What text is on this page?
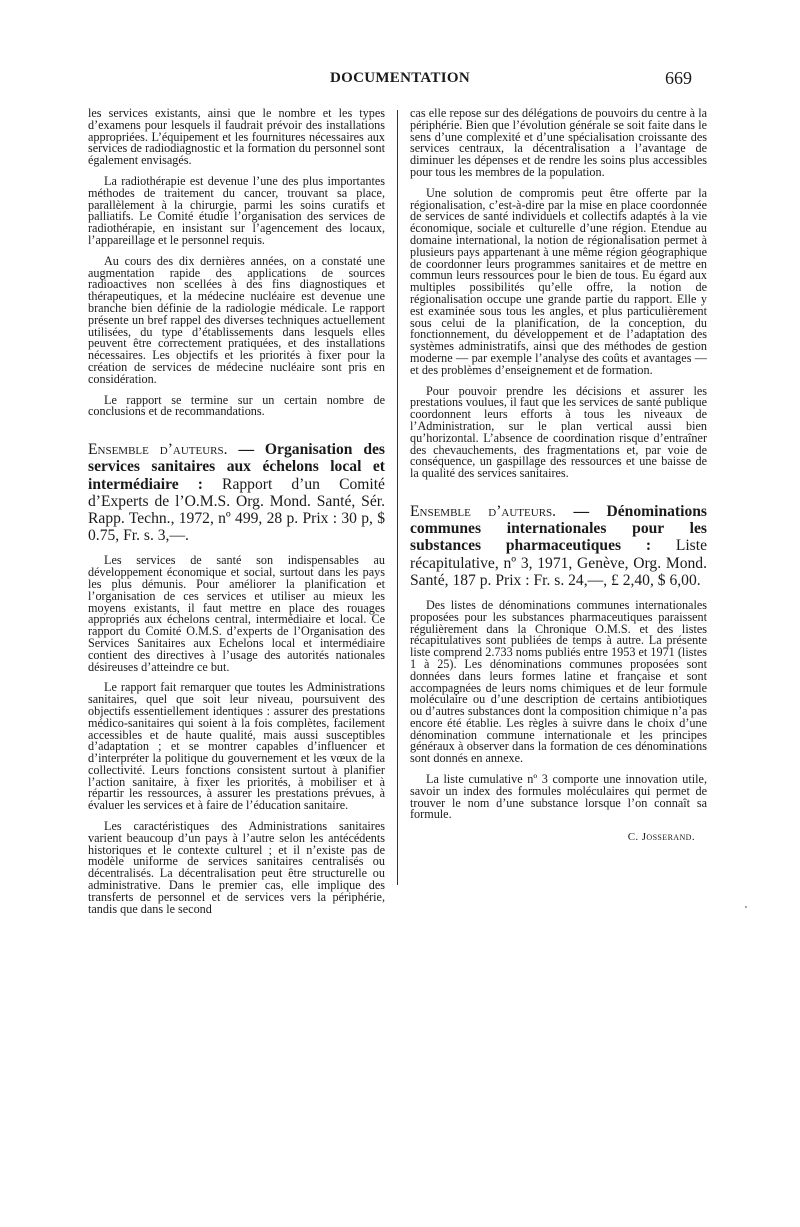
DOCUMENTATION	669

les services existants, ainsi que le nombre et les types d’examens pour lesquels il faudrait prévoir des installations appropriées. L’équipement et les fournitures nécessaires aux services de radiodiagnostic et la formation du personnel sont également envisagés.

La radiothérapie est devenue l’une des plus importantes méthodes de traitement du cancer, trouvant sa place, parallèlement à la chirurgie, parmi les soins curatifs et palliatifs. Le Comité étudie l’organisation des services de radiothérapie, en insistant sur l’agencement des locaux, l’appareillage et le personnel requis.

Au cours des dix dernières années, on a constaté une augmentation rapide des applications de sources radioactives non scellées à des fins diagnostiques et thérapeutiques, et la médecine nucléaire est devenue une branche bien définie de la radiologie médicale. Le rapport présente un bref rappel des diverses techniques actuellement utilisées, du type d’établissements dans lesquels elles peuvent être correctement pratiquées, et des installations nécessaires. Les objectifs et les priorités à fixer pour la création de services de médecine nucléaire sont pris en considération.

Le rapport se termine sur un certain nombre de conclusions et de recommandations.

Ensemble d’auteurs. — Organisation des services sanitaires aux échelons local et intermédiaire : Rapport d’un Comité d’Experts de l’O.M.S. Org. Mond. Santé, Sér. Rapp. Techn., 1972, nº 499, 28 p. Prix : 30 p, $ 0.75, Fr. s. 3,—.

Les services de santé son indispensables au développement économique et social, surtout dans les pays les plus démunis. Pour améliorer la planification et l’organisation de ces services et utiliser au mieux les moyens existants, il faut mettre en place des rouages appropriés aux échelons central, intermédiaire et local. Ce rapport du Comité O.M.S. d’experts de l’Organisation des Services Sanitaires aux Echelons local et intermédiaire contient des directives à l’usage des autorités nationales désireuses d’atteindre ce but.

Le rapport fait remarquer que toutes les Administrations sanitaires, quel que soit leur niveau, poursuivent des objectifs essentiellement identiques : assurer des prestations médico-sanitaires qui soient à la fois complètes, facilement accessibles et de haute qualité, mais aussi susceptibles d’adaptation ; et se montrer capables d’influencer et d’interpréter la politique du gouvernement et les vœux de la collectivité. Leurs fonctions consistent surtout à planifier l’action sanitaire, à fixer les priorités, à mobiliser et à répartir les ressources, à assurer les prestations prévues, à évaluer les services et à faire de l’éducation sanitaire.

Les caractéristiques des Administrations sanitaires varient beaucoup d’un pays à l’autre selon les antécédents historiques et le contexte culturel ; et il n’existe pas de modèle uniforme de services sanitaires centralisés ou décentralisés. La décentralisation peut être structurelle ou administrative. Dans le premier cas, elle implique des transferts de personnel et de services vers la périphérie, tandis que dans le second

cas elle repose sur des délégations de pouvoirs du centre à la périphérie. Bien que l’évolution générale se soit faite dans le sens d’une complexité et d’une spécialisation croissante des services centraux, la décentralisation a l’avantage de diminuer les dépenses et de rendre les soins plus accessibles pour tous les membres de la population.

Une solution de compromis peut être offerte par la régionalisation, c’est-à-dire par la mise en place coordonnée de services de santé individuels et collectifs adaptés à la vie économique, sociale et culturelle d’une région. Etendue au domaine international, la notion de régionalisation permet à plusieurs pays appartenant à une même région géographique de coordonner leurs programmes sanitaires et de mettre en commun leurs ressources pour le bien de tous. Eu égard aux multiples possibilités qu’elle offre, la notion de régionalisation occupe une grande partie du rapport. Elle y est examinée sous tous les angles, et plus particulièrement sous celui de la planification, de la conception, du fonctionnement, du développement et de l’adaptation des systèmes administratifs, ainsi que des méthodes de gestion moderne — par exemple l’analyse des coûts et avantages — et des problèmes d’enseignement et de formation.

Pour pouvoir prendre les décisions et assurer les prestations voulues, il faut que les services de santé publique coordonnent leurs efforts à tous les niveaux de l’Administration, sur le plan vertical aussi bien qu’horizontal. L’absence de coordination risque d’entraîner des chevauchements, des fragmentations et, par voie de conséquence, un gaspillage des ressources et une baisse de la qualité des services sanitaires.

Ensemble d’auteurs. — Dénominations communes internationales pour les substances pharmaceutiques : Liste récapitulative, nº 3, 1971, Genève, Org. Mond. Santé, 187 p. Prix : Fr. s. 24,—, £ 2,40, $ 6,00.

Des listes de dénominations communes internationales proposées pour les substances pharmaceutiques paraissent régulièrement dans la Chronique O.M.S. et des listes récapitulatives sont publiées de temps à autre. La présente liste comprend 2.733 noms publiés entre 1953 et 1971 (listes 1 à 25). Les dénominations communes proposées sont données dans leurs formes latine et française et sont accompagnées de leurs noms chimiques et de leur formule moléculaire ou d’une description de certains antibiotiques ou d’autres substances dont la composition chimique n’a pas encore été établie. Les règles à suivre dans le choix d’une dénomination commune internationale et les principes généraux à observer dans la formation de ces dénominations sont donnés en annexe.

La liste cumulative nº 3 comporte une innovation utile, savoir un index des formules moléculaires qui permet de trouver le nom d’une substance lorsque l’on connaît sa formule.

C. Josserand.
